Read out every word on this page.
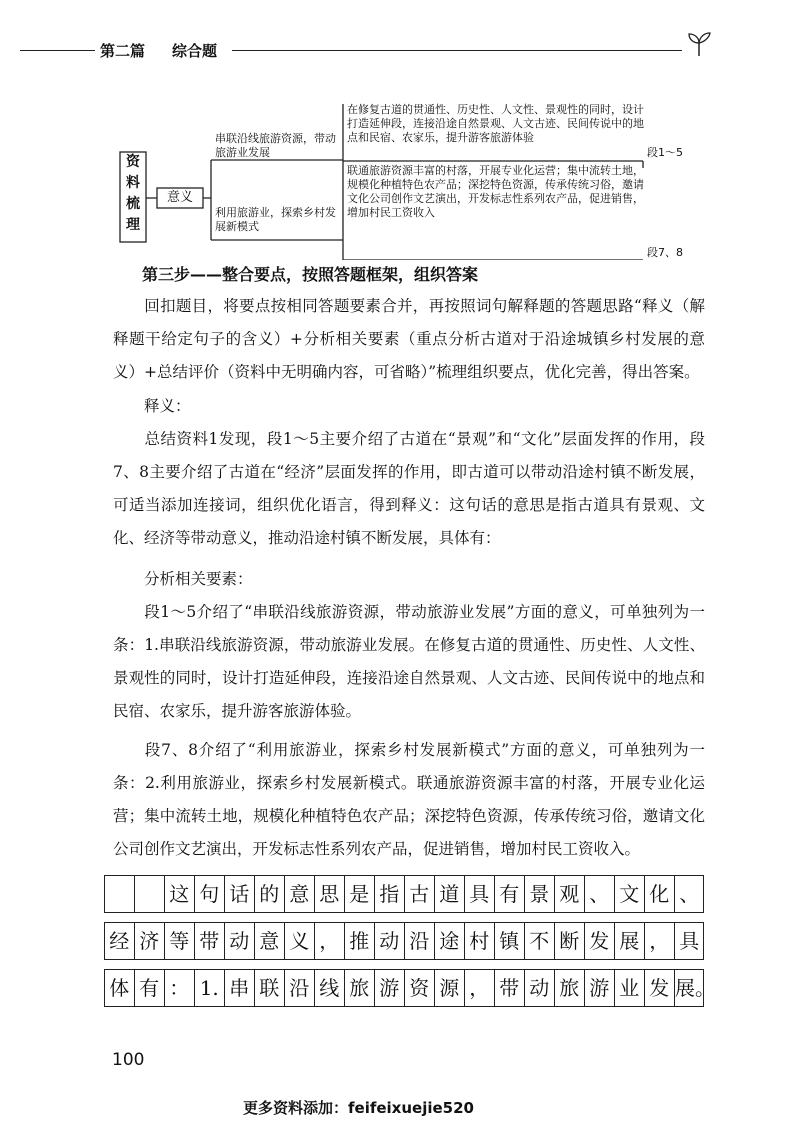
第二篇 综合题
资料梳理
意义
串联沿线旅游资源，带动旅游业发展
在修复古道的贯通性、历史性、人文性、景观性的同时，设计打造延伸段，连接沿途自然景观、人文古迹、民间传说中的地点和民宿、农家乐，提升游客旅游体验
段1～5
利用旅游业，探索乡村发展新模式
联通旅游资源丰富的村落，开展专业化运营；集中流转土地，规模化种植特色农产品；深挖特色资源，传承传统习俗，邀请文化公司创作文艺演出，开发标志性系列农产品，促进销售，增加村民工资收入
段7、8
第三步——整合要点，按照答题框架，组织答案
回扣题目，将要点按相同答题要素合并，再按照词句解释题的答题思路“释义（解释题干给定句子的含义）+分析相关要素（重点分析古道对于沿途城镇乡村发展的意义）+总结评价（资料中无明确内容，可省略）”梳理组织要点，优化完善，得出答案。
释义：
总结资料1发现，段1～5主要介绍了古道在“景观”和“文化”层面发挥的作用，段7、8主要介绍了古道在“经济”层面发挥的作用，即古道可以带动沿途村镇不断发展，可适当添加连接词，组织优化语言，得到释义：这句话的意思是指古道具有景观、文化、经济等带动意义，推动沿途村镇不断发展，具体有：
分析相关要素：
段1～5介绍了“串联沿线旅游资源，带动旅游业发展”方面的意义，可单独列为一条：1.串联沿线旅游资源，带动旅游业发展。在修复古道的贯通性、历史性、人文性、景观性的同时，设计打造延伸段，连接沿途自然景观、人文古迹、民间传说中的地点和民宿、农家乐，提升游客旅游体验。
段7、8介绍了“利用旅游业，探索乡村发展新模式”方面的意义，可单独列为一条：2.利用旅游业，探索乡村发展新模式。联通旅游资源丰富的村落，开展专业化运营；集中流转土地，规模化种植特色农产品；深挖特色资源，传承传统习俗，邀请文化公司创作文艺演出，开发标志性系列农产品，促进销售，增加村民工资收入。
这 句 话 的 意 思 是 指 古 道 具 有 景 观 、 文 化 、
经 济 等 带 动 意 义 ， 推 动 沿 途 村 镇 不 断 发 展 ， 具
体 有 ： 1. 串 联 沿 线 旅 游 资 源 ， 带 动 旅 游 业 发 展。
100
更多资料添加：feifeixuejie520
